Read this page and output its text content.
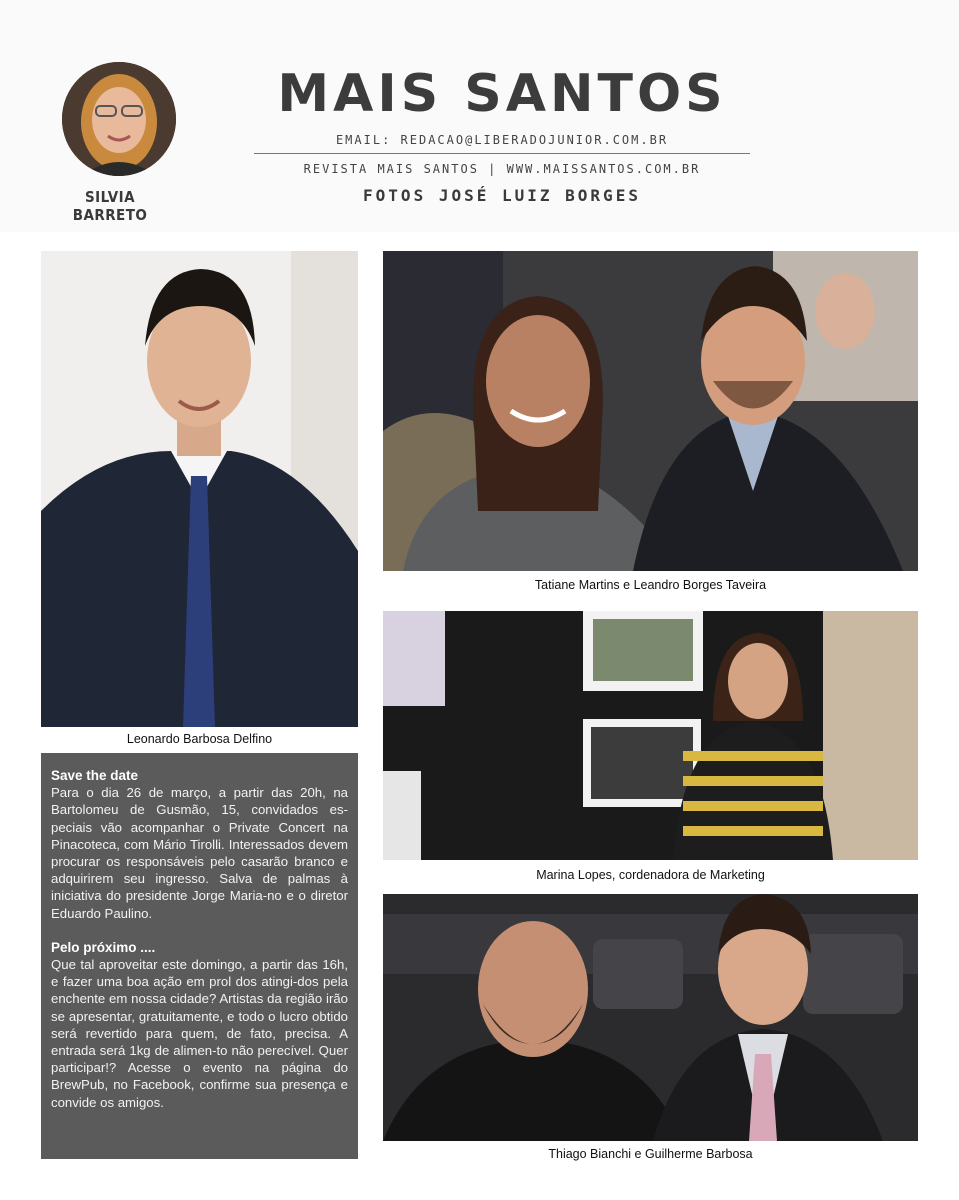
SILVIA BARRETO
MAIS SANTOS
EMAIL: REDACAO@LIBERADOJUNIOR.COM.BR
REVISTA MAIS SANTOS | WWW.MAISSANTOS.COM.BR
FOTOS JOSÉ LUIZ BORGES
Leonardo Barbosa Delfino
Tatiane Martins e Leandro Borges Taveira
Marina Lopes, cordenadora de Marketing
Thiago Bianchi e Guilherme Barbosa
Save the date

Para o dia 26 de março, a partir das 20h, na Bartolomeu de Gusmão, 15, convidados es-peciais vão acompanhar o Private Concert na Pinacoteca, com Mário Tirolli. Interessados devem procurar os responsáveis pelo casarão branco e adquirirem seu ingresso. Salva de palmas à iniciativa do presidente Jorge Maria-no e o diretor Eduardo Paulino.

Pelo próximo ....

Que tal aproveitar este domingo, a partir das 16h, e fazer uma boa ação em prol dos atingi-dos pela enchente em nossa cidade? Artistas da região irão se apresentar, gratuitamente, e todo o lucro obtido será revertido para quem, de fato, precisa. A entrada será 1kg de alimen-to não perecível. Quer participar!? Acesse o evento na página do BrewPub, no Facebook, confirme sua presença e convide os amigos.
